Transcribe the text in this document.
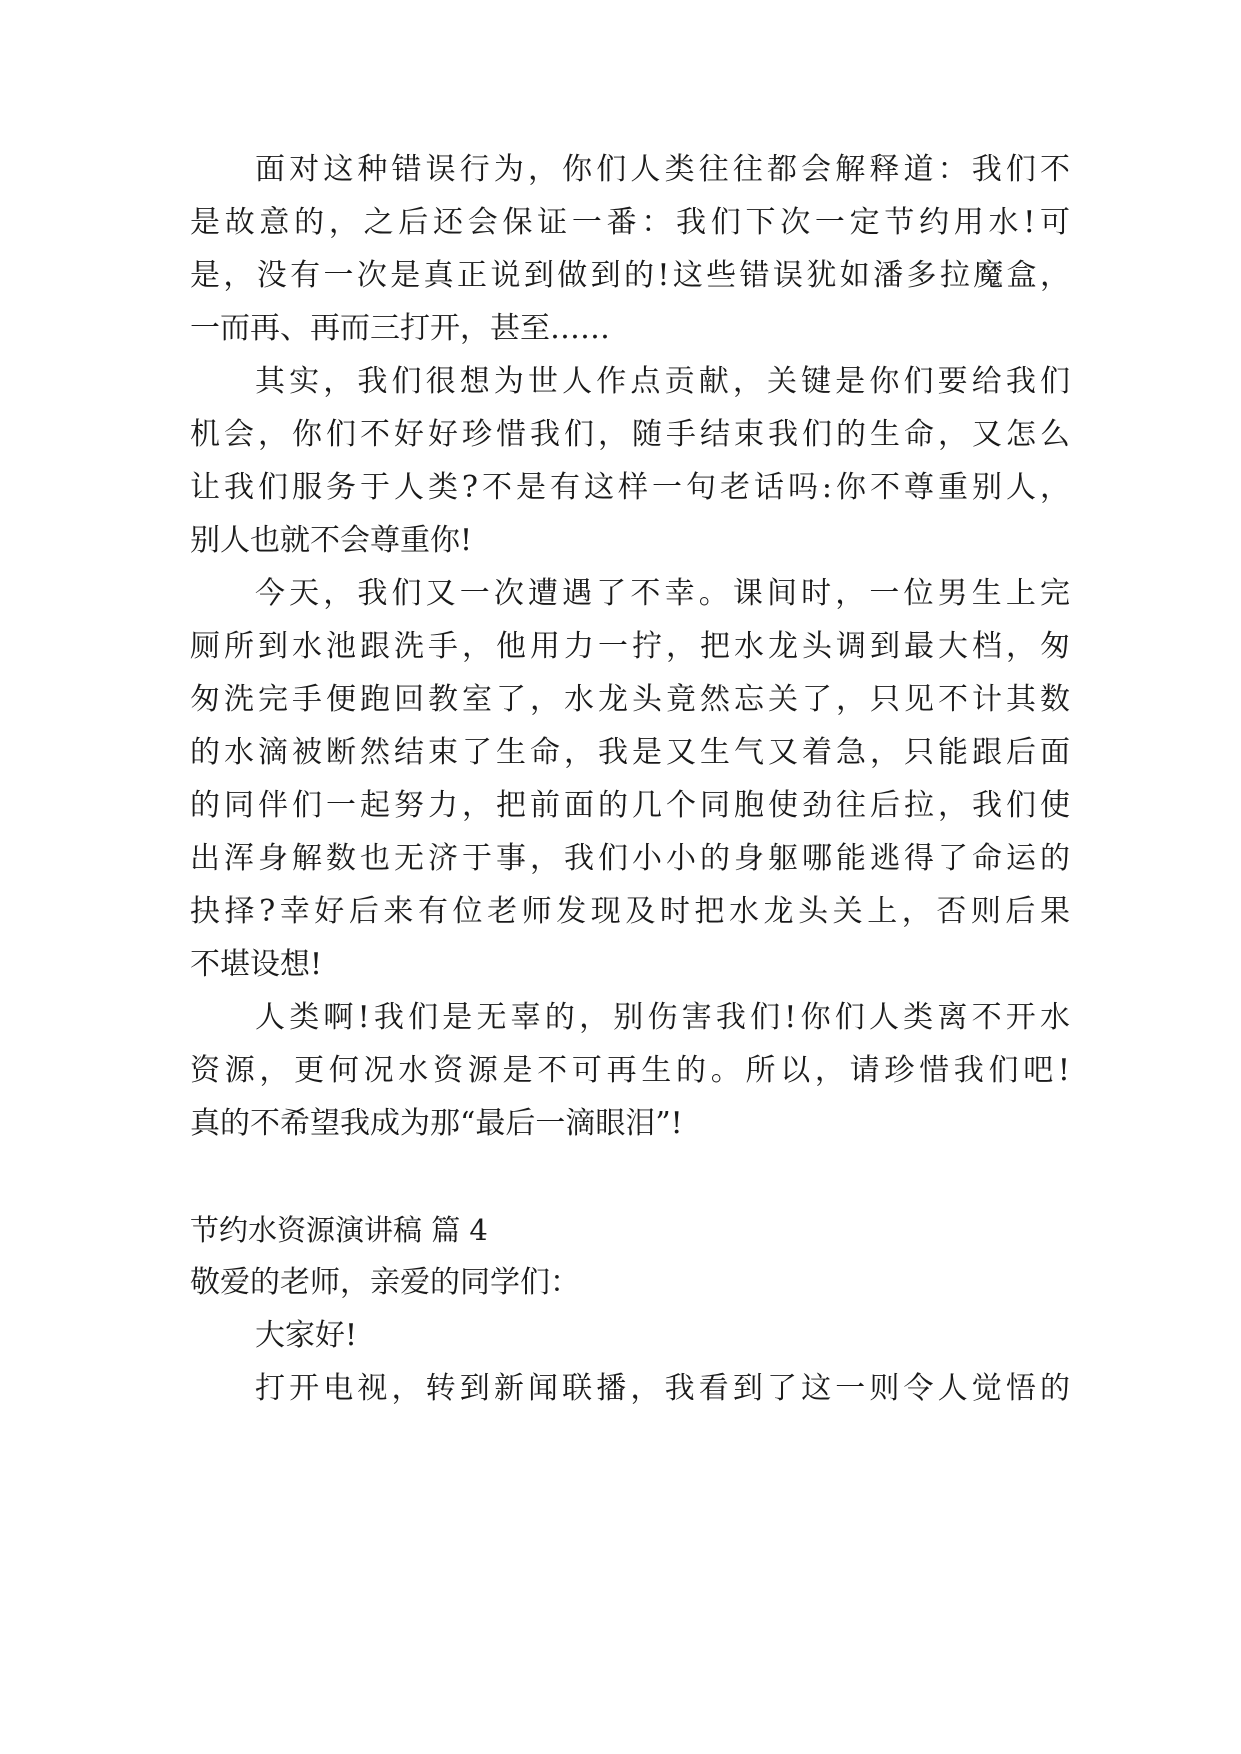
面对这种错误行为，你们人类往往都会解释道：我们不
是故意的，之后还会保证一番：我们下次一定节约用水!可
是，没有一次是真正说到做到的!这些错误犹如潘多拉魔盒，
一而再、再而三打开，甚至……
其实，我们很想为世人作点贡献，关键是你们要给我们
机会，你们不好好珍惜我们，随手结束我们的生命，又怎么
让我们服务于人类?不是有这样一句老话吗:你不尊重别人，
别人也就不会尊重你!
今天，我们又一次遭遇了不幸。课间时，一位男生上完
厕所到水池跟洗手，他用力一拧，把水龙头调到最大档，匆
匆洗完手便跑回教室了，水龙头竟然忘关了，只见不计其数
的水滴被断然结束了生命，我是又生气又着急，只能跟后面
的同伴们一起努力，把前面的几个同胞使劲往后拉，我们使
出浑身解数也无济于事，我们小小的身躯哪能逃得了命运的
抉择?幸好后来有位老师发现及时把水龙头关上，否则后果
不堪设想!
人类啊!我们是无辜的，别伤害我们!你们人类离不开水
资源，更何况水资源是不可再生的。所以，请珍惜我们吧!
真的不希望我成为那“最后一滴眼泪”!
节约水资源演讲稿 篇 4
敬爱的老师，亲爱的同学们：
大家好!
打开电视，转到新闻联播，我看到了这一则令人觉悟的
